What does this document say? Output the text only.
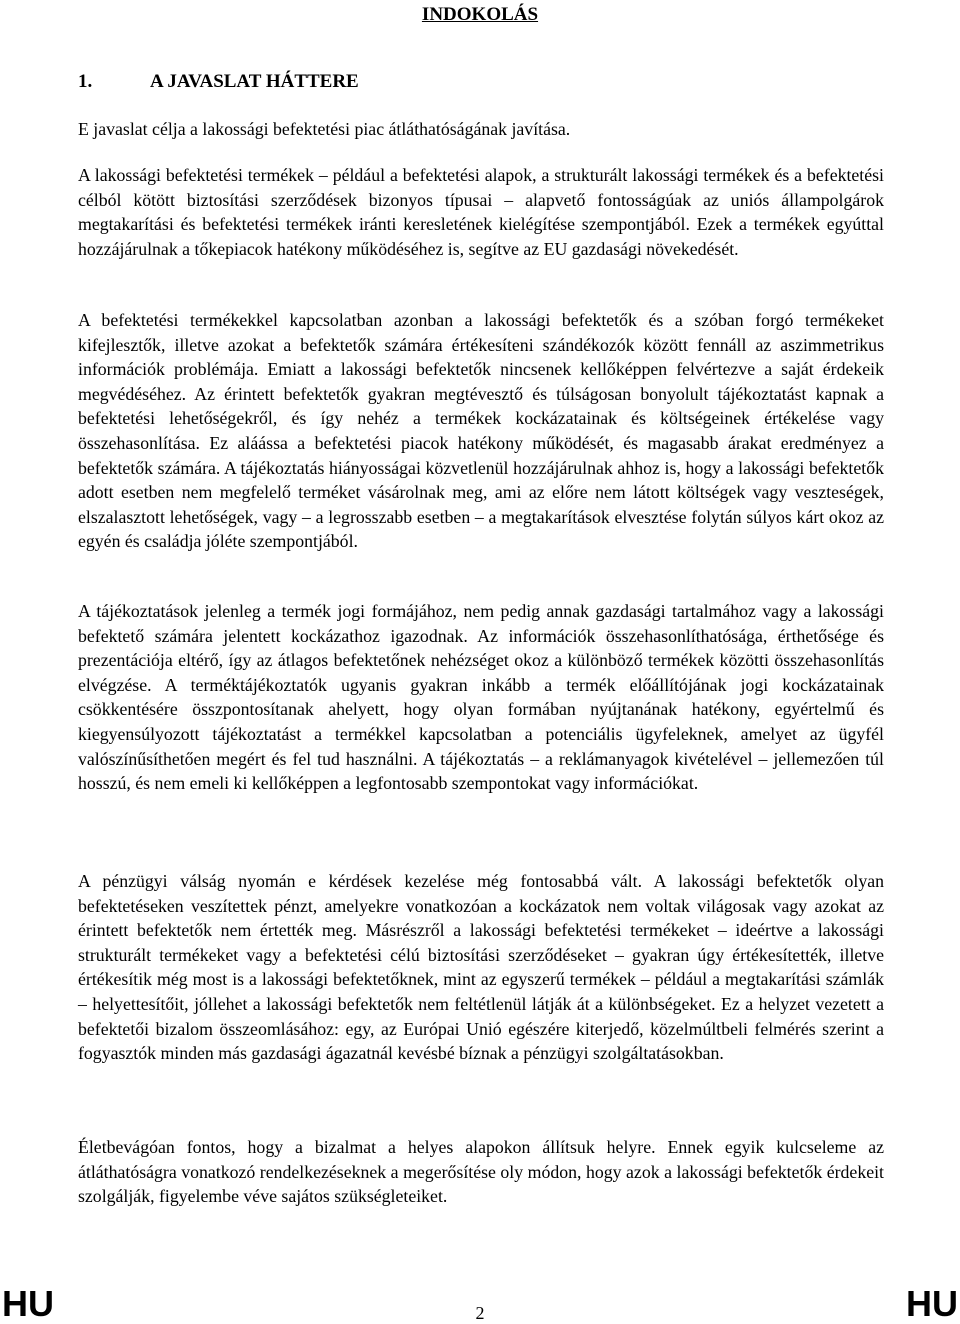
INDOKOLÁS
1.	A JAVASLAT HÁTTERE

E javaslat célja a lakossági befektetési piac átláthatóságának javítása.

A lakossági befektetési termékek – például a befektetési alapok, a strukturált lakossági termékek és a befektetési célból kötött biztosítási szerződések bizonyos típusai – alapvető fontosságúak az uniós állampolgárok megtakarítási és befektetési termékek iránti keresletének kielégítése szempontjából. Ezek a termékek egyúttal hozzájárulnak a tőkepiacok hatékony működéséhez is, segítve az EU gazdasági növekedését.

A befektetési termékekkel kapcsolatban azonban a lakossági befektetők és a szóban forgó termékeket kifejlesztők, illetve azokat a befektetők számára értékesíteni szándékozók között fennáll az aszimmetrikus információk problémája. Emiatt a lakossági befektetők nincsenek kellőképpen felvértezve a saját érdekeik megvédéséhez. Az érintett befektetők gyakran megtévesztő és túlságosan bonyolult tájékoztatást kapnak a befektetési lehetőségekről, és így nehéz a termékek kockázatainak és költségeinek értékelése vagy összehasonlítása. Ez aláássa a befektetési piacok hatékony működését, és magasabb árakat eredményez a befektetők számára. A tájékoztatás hiányosságai közvetlenül hozzájárulnak ahhoz is, hogy a lakossági befektetők adott esetben nem megfelelő terméket vásárolnak meg, ami az előre nem látott költségek vagy veszteségek, elszalasztott lehetőségek, vagy – a legrosszabb esetben – a megtakarítások elvesztése folytán súlyos kárt okoz az egyén és családja jóléte szempontjából.

A tájékoztatások jelenleg a termék jogi formájához, nem pedig annak gazdasági tartalmához vagy a lakossági befektető számára jelentett kockázathoz igazodnak. Az információk összehasonlíthatósága, érthetősége és prezentációja eltérő, így az átlagos befektetőnek nehézséget okoz a különböző termékek közötti összehasonlítás elvégzése. A terméktájékoztatók ugyanis gyakran inkább a termék előállítójának jogi kockázatainak csökkentésére összpontosítanak ahelyett, hogy olyan formában nyújtanának hatékony, egyértelmű és kiegyensúlyozott tájékoztatást a termékkel kapcsolatban a potenciális ügyfeleknek, amelyet az ügyfél valószínűsíthetően megért és fel tud használni. A tájékoztatás – a reklámanyagok kivételével – jellemezően túl hosszú, és nem emeli ki kellőképpen a legfontosabb szempontokat vagy információkat.

A pénzügyi válság nyomán e kérdések kezelése még fontosabbá vált. A lakossági befektetők olyan befektetéseken veszítettek pénzt, amelyekre vonatkozóan a kockázatok nem voltak világosak vagy azokat az érintett befektetők nem értették meg. Másrészről a lakossági befektetési termékeket – ideértve a lakossági strukturált termékeket vagy a befektetési célú biztosítási szerződéseket – gyakran úgy értékesítették, illetve értékesítik még most is a lakossági befektetőknek, mint az egyszerű termékek – például a megtakarítási számlák – helyettesítőit, jóllehet a lakossági befektetők nem feltétlenül látják át a különbségeket. Ez a helyzet vezetett a befektetői bizalom összeomlásához: egy, az Európai Unió egészére kiterjedő, közelmúltbeli felmérés szerint a fogyasztók minden más gazdasági ágazatnál kevésbé bíznak a pénzügyi szolgáltatásokban.

Életbevágóan fontos, hogy a bizalmat a helyes alapokon állítsuk helyre. Ennek egyik kulcseleme az átláthatóságra vonatkozó rendelkezéseknek a megerősítése oly módon, hogy azok a lakossági befektetők érdekeit szolgálják, figyelembe véve sajátos szükségleteiket.

HU	2	HU
